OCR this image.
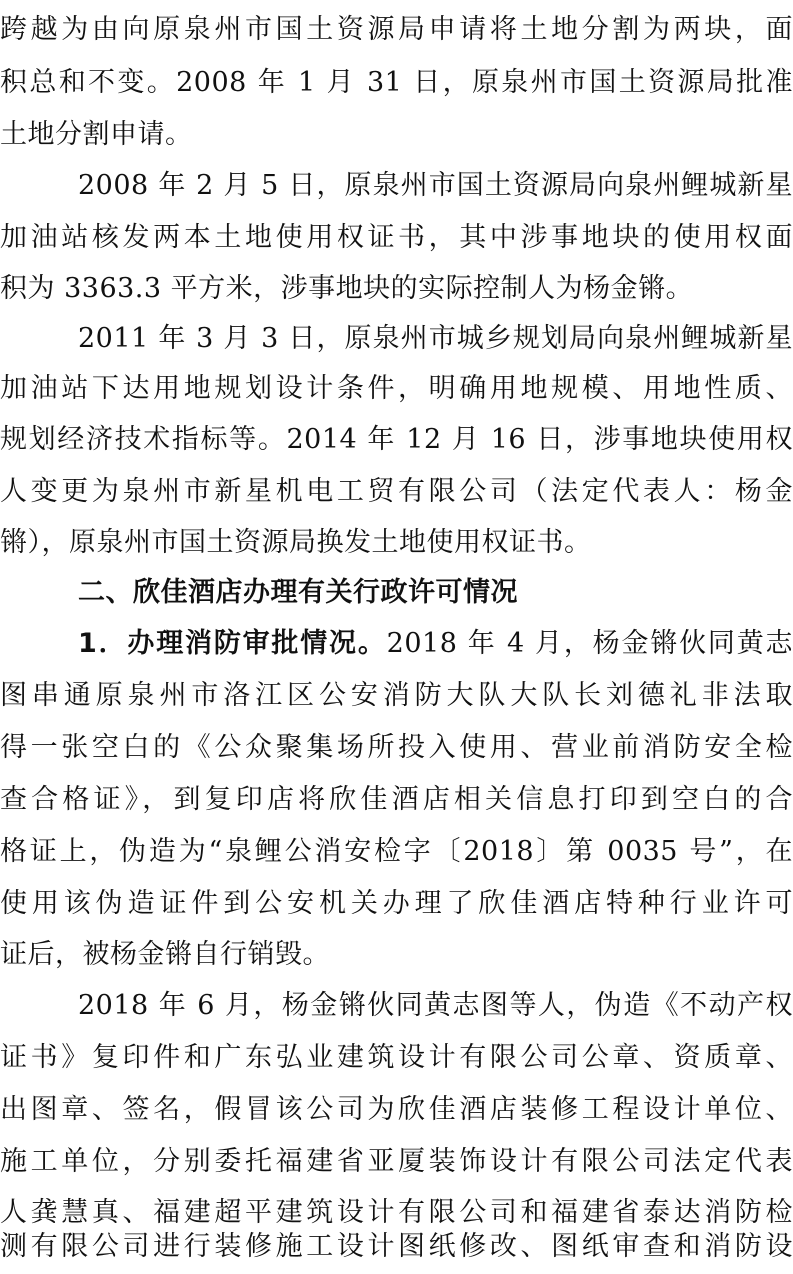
跨越为由向原泉州市国土资源局申请将土地分割为两块，面
积总和不变。2008 年 1 月 31 日，原泉州市国土资源局批准
土地分割申请。
2008 年 2 月 5 日，原泉州市国土资源局向泉州鲤城新星
加油站核发两本土地使用权证书，其中涉事地块的使用权面
积为 3363.3 平方米，涉事地块的实际控制人为杨金锵。
2011 年 3 月 3 日，原泉州市城乡规划局向泉州鲤城新星
加油站下达用地规划设计条件，明确用地规模、用地性质、
规划经济技术指标等。2014 年 12 月 16 日，涉事地块使用权
人变更为泉州市新星机电工贸有限公司（法定代表人：杨金
锵），原泉州市国土资源局换发土地使用权证书。
二、欣佳酒店办理有关行政许可情况
1．办理消防审批情况。2018 年 4 月，杨金锵伙同黄志
图串通原泉州市洛江区公安消防大队大队长刘德礼非法取
得一张空白的《公众聚集场所投入使用、营业前消防安全检
查合格证》，到复印店将欣佳酒店相关信息打印到空白的合
格证上，伪造为“泉鲤公消安检字〔2018〕第 0035 号”，在
使用该伪造证件到公安机关办理了欣佳酒店特种行业许可
证后，被杨金锵自行销毁。
2018 年 6 月，杨金锵伙同黄志图等人，伪造《不动产权
证书》复印件和广东弘业建筑设计有限公司公章、资质章、
出图章、签名，假冒该公司为欣佳酒店装修工程设计单位、
施工单位，分别委托福建省亚厦装饰设计有限公司法定代表
人龚慧真、福建超平建筑设计有限公司和福建省泰达消防检
测有限公司进行装修施工设计图纸修改、图纸审查和消防设
